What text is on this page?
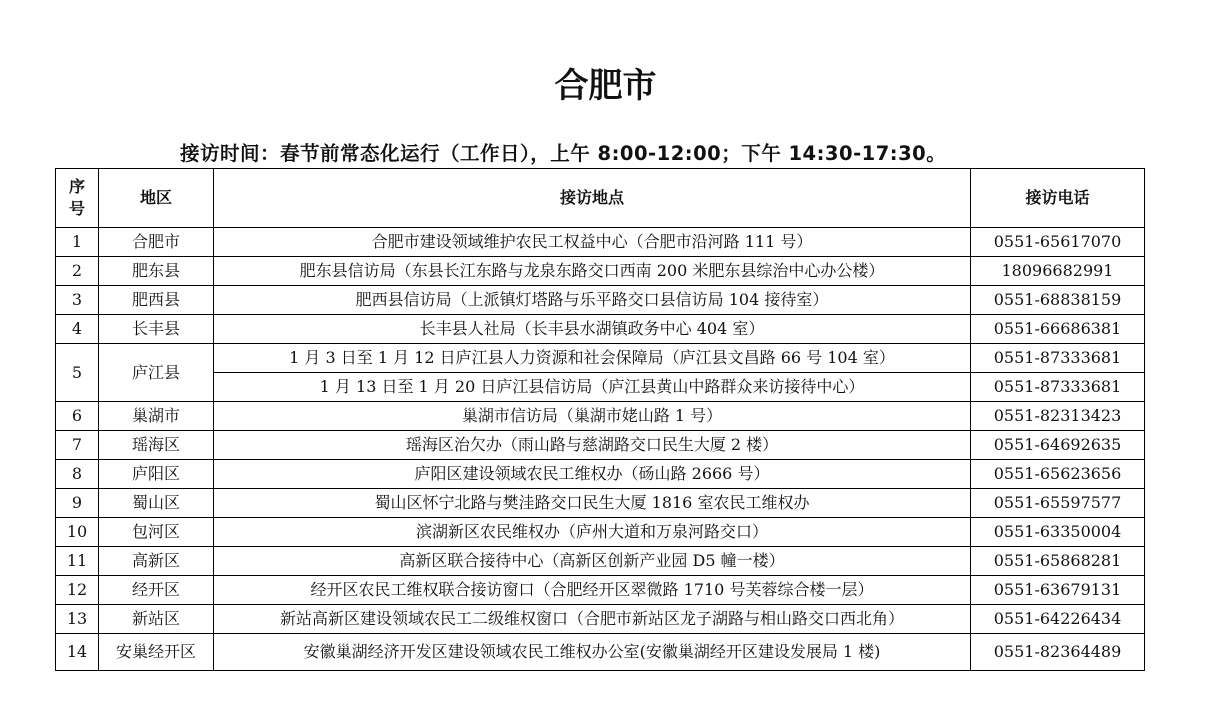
合肥市
接访时间：春节前常态化运行（工作日），上午 8:00-12:00；下午 14:30-17:30。
序
号	地区	接访地点	接访电话
1	合肥市	合肥市建设领域维护农民工权益中心（合肥市沿河路 111 号）	0551-65617070
2	肥东县	肥东县信访局（东县长江东路与龙泉东路交口西南 200 米肥东县综治中心办公楼）	18096682991
3	肥西县	肥西县信访局（上派镇灯塔路与乐平路交口县信访局 104 接待室）	0551-68838159
4	长丰县	长丰县人社局（长丰县水湖镇政务中心 404 室）	0551-66686381
5	庐江县	1 月 3 日至 1 月 12 日庐江县人力资源和社会保障局（庐江县文昌路 66 号 104 室）	0551-87333681
		1 月 13 日至 1 月 20 日庐江县信访局（庐江县黄山中路群众来访接待中心）	0551-87333681
6	巢湖市	巢湖市信访局（巢湖市姥山路 1 号）	0551-82313423
7	瑶海区	瑶海区治欠办（雨山路与慈湖路交口民生大厦 2 楼）	0551-64692635
8	庐阳区	庐阳区建设领域农民工维权办（砀山路 2666 号）	0551-65623656
9	蜀山区	蜀山区怀宁北路与樊洼路交口民生大厦 1816 室农民工维权办	0551-65597577
10	包河区	滨湖新区农民维权办（庐州大道和万泉河路交口）	0551-63350004
11	高新区	高新区联合接待中心（高新区创新产业园 D5 幢一楼）	0551-65868281
12	经开区	经开区农民工维权联合接访窗口（合肥经开区翠微路 1710 号芙蓉综合楼一层）	0551-63679131
13	新站区	新站高新区建设领域农民工二级维权窗口（合肥市新站区龙子湖路与相山路交口西北角）	0551-64226434
14	安巢经开区	安徽巢湖经济开发区建设领域农民工维权办公室(安徽巢湖经开区建设发展局 1 楼)	0551-82364489
